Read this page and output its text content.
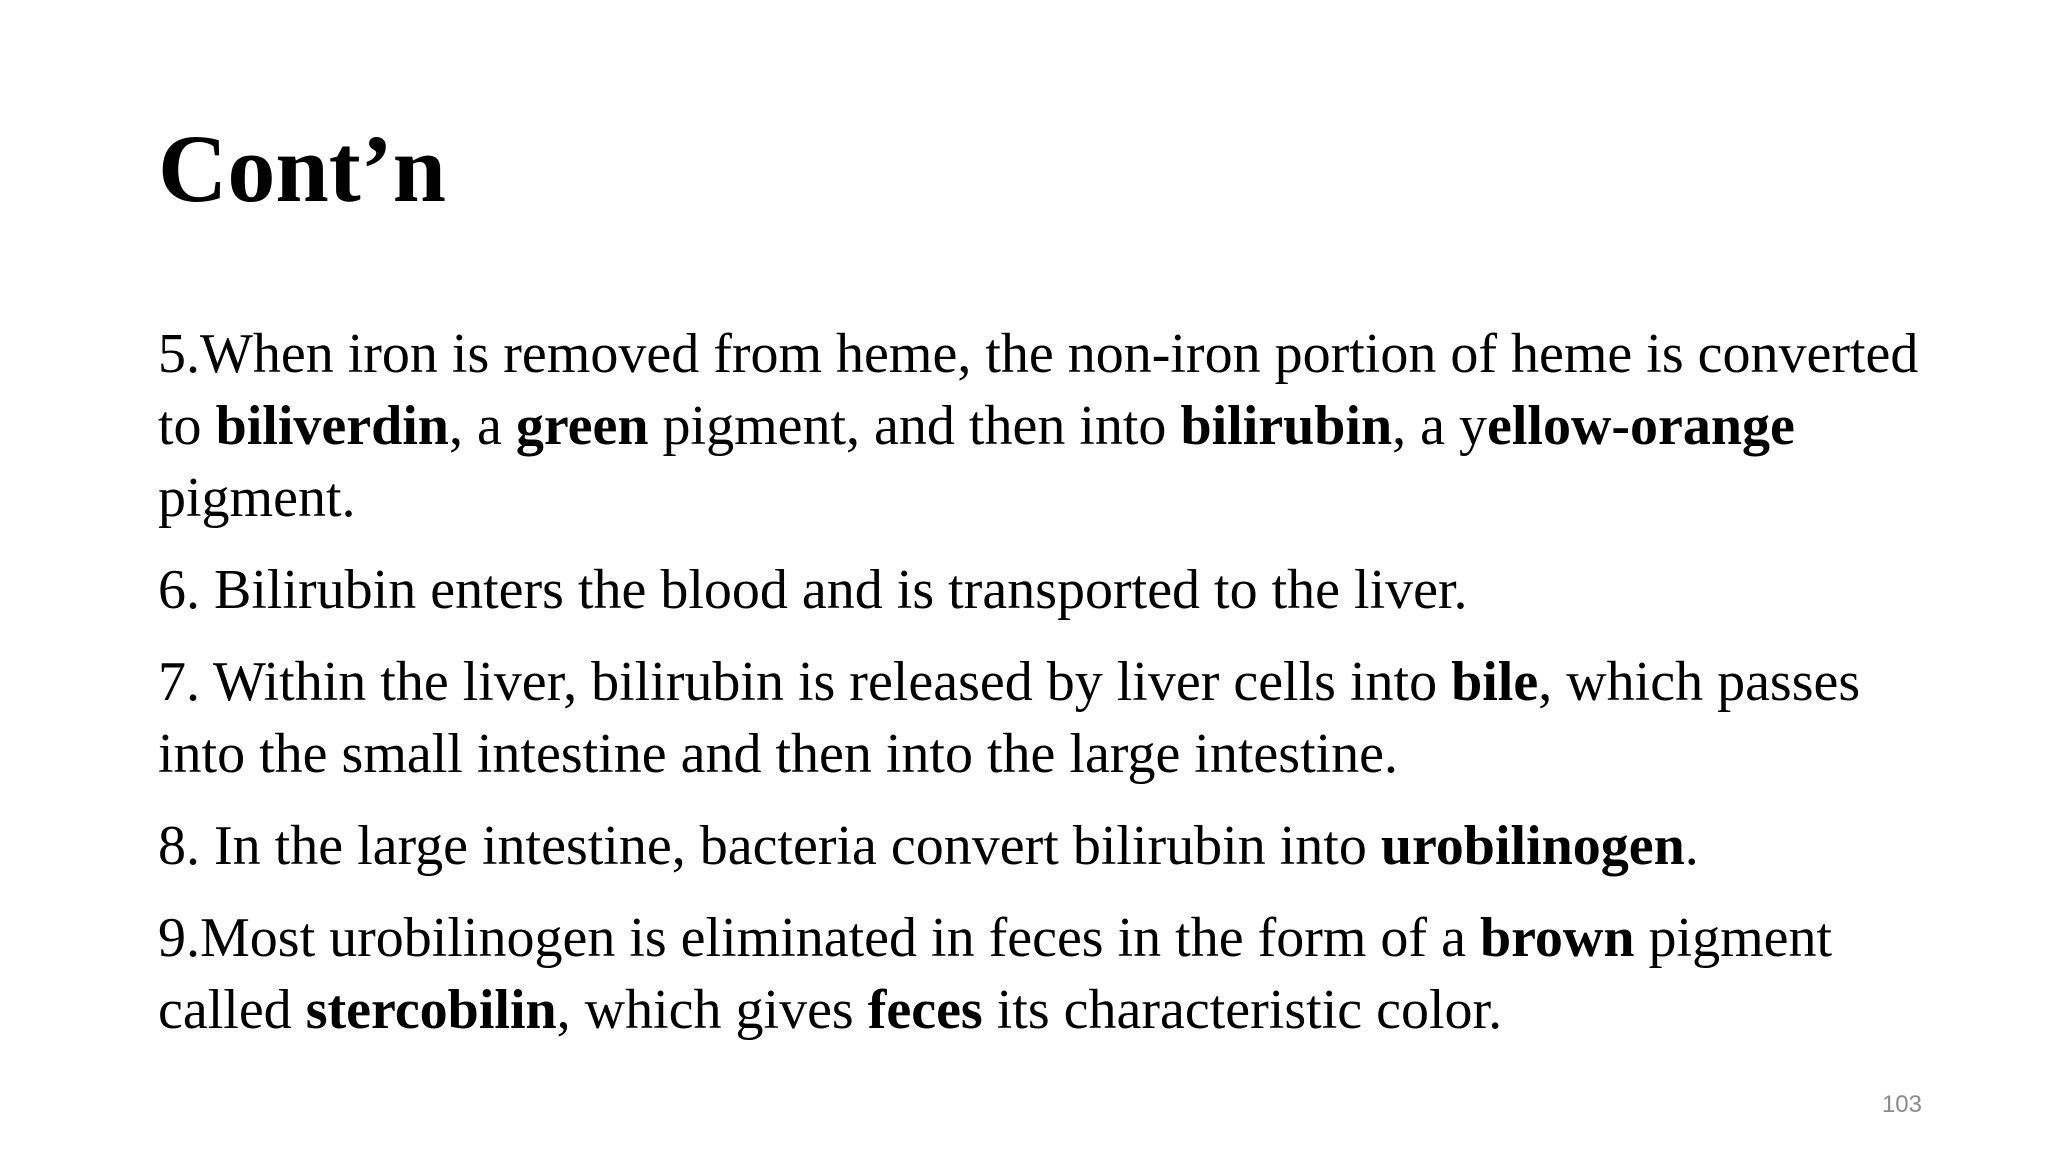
Cont’n

5.When iron is removed from heme, the non-iron portion of heme is converted to biliverdin, a green pigment, and then into bilirubin, a yellow-orange pigment.

6. Bilirubin enters the blood and is transported to the liver.

7. Within the liver, bilirubin is released by liver cells into bile, which passes into the small intestine and then into the large intestine.

8. In the large intestine, bacteria convert bilirubin into urobilinogen.

9.Most urobilinogen is eliminated in feces in the form of a brown pigment called stercobilin, which gives feces its characteristic color.

103
